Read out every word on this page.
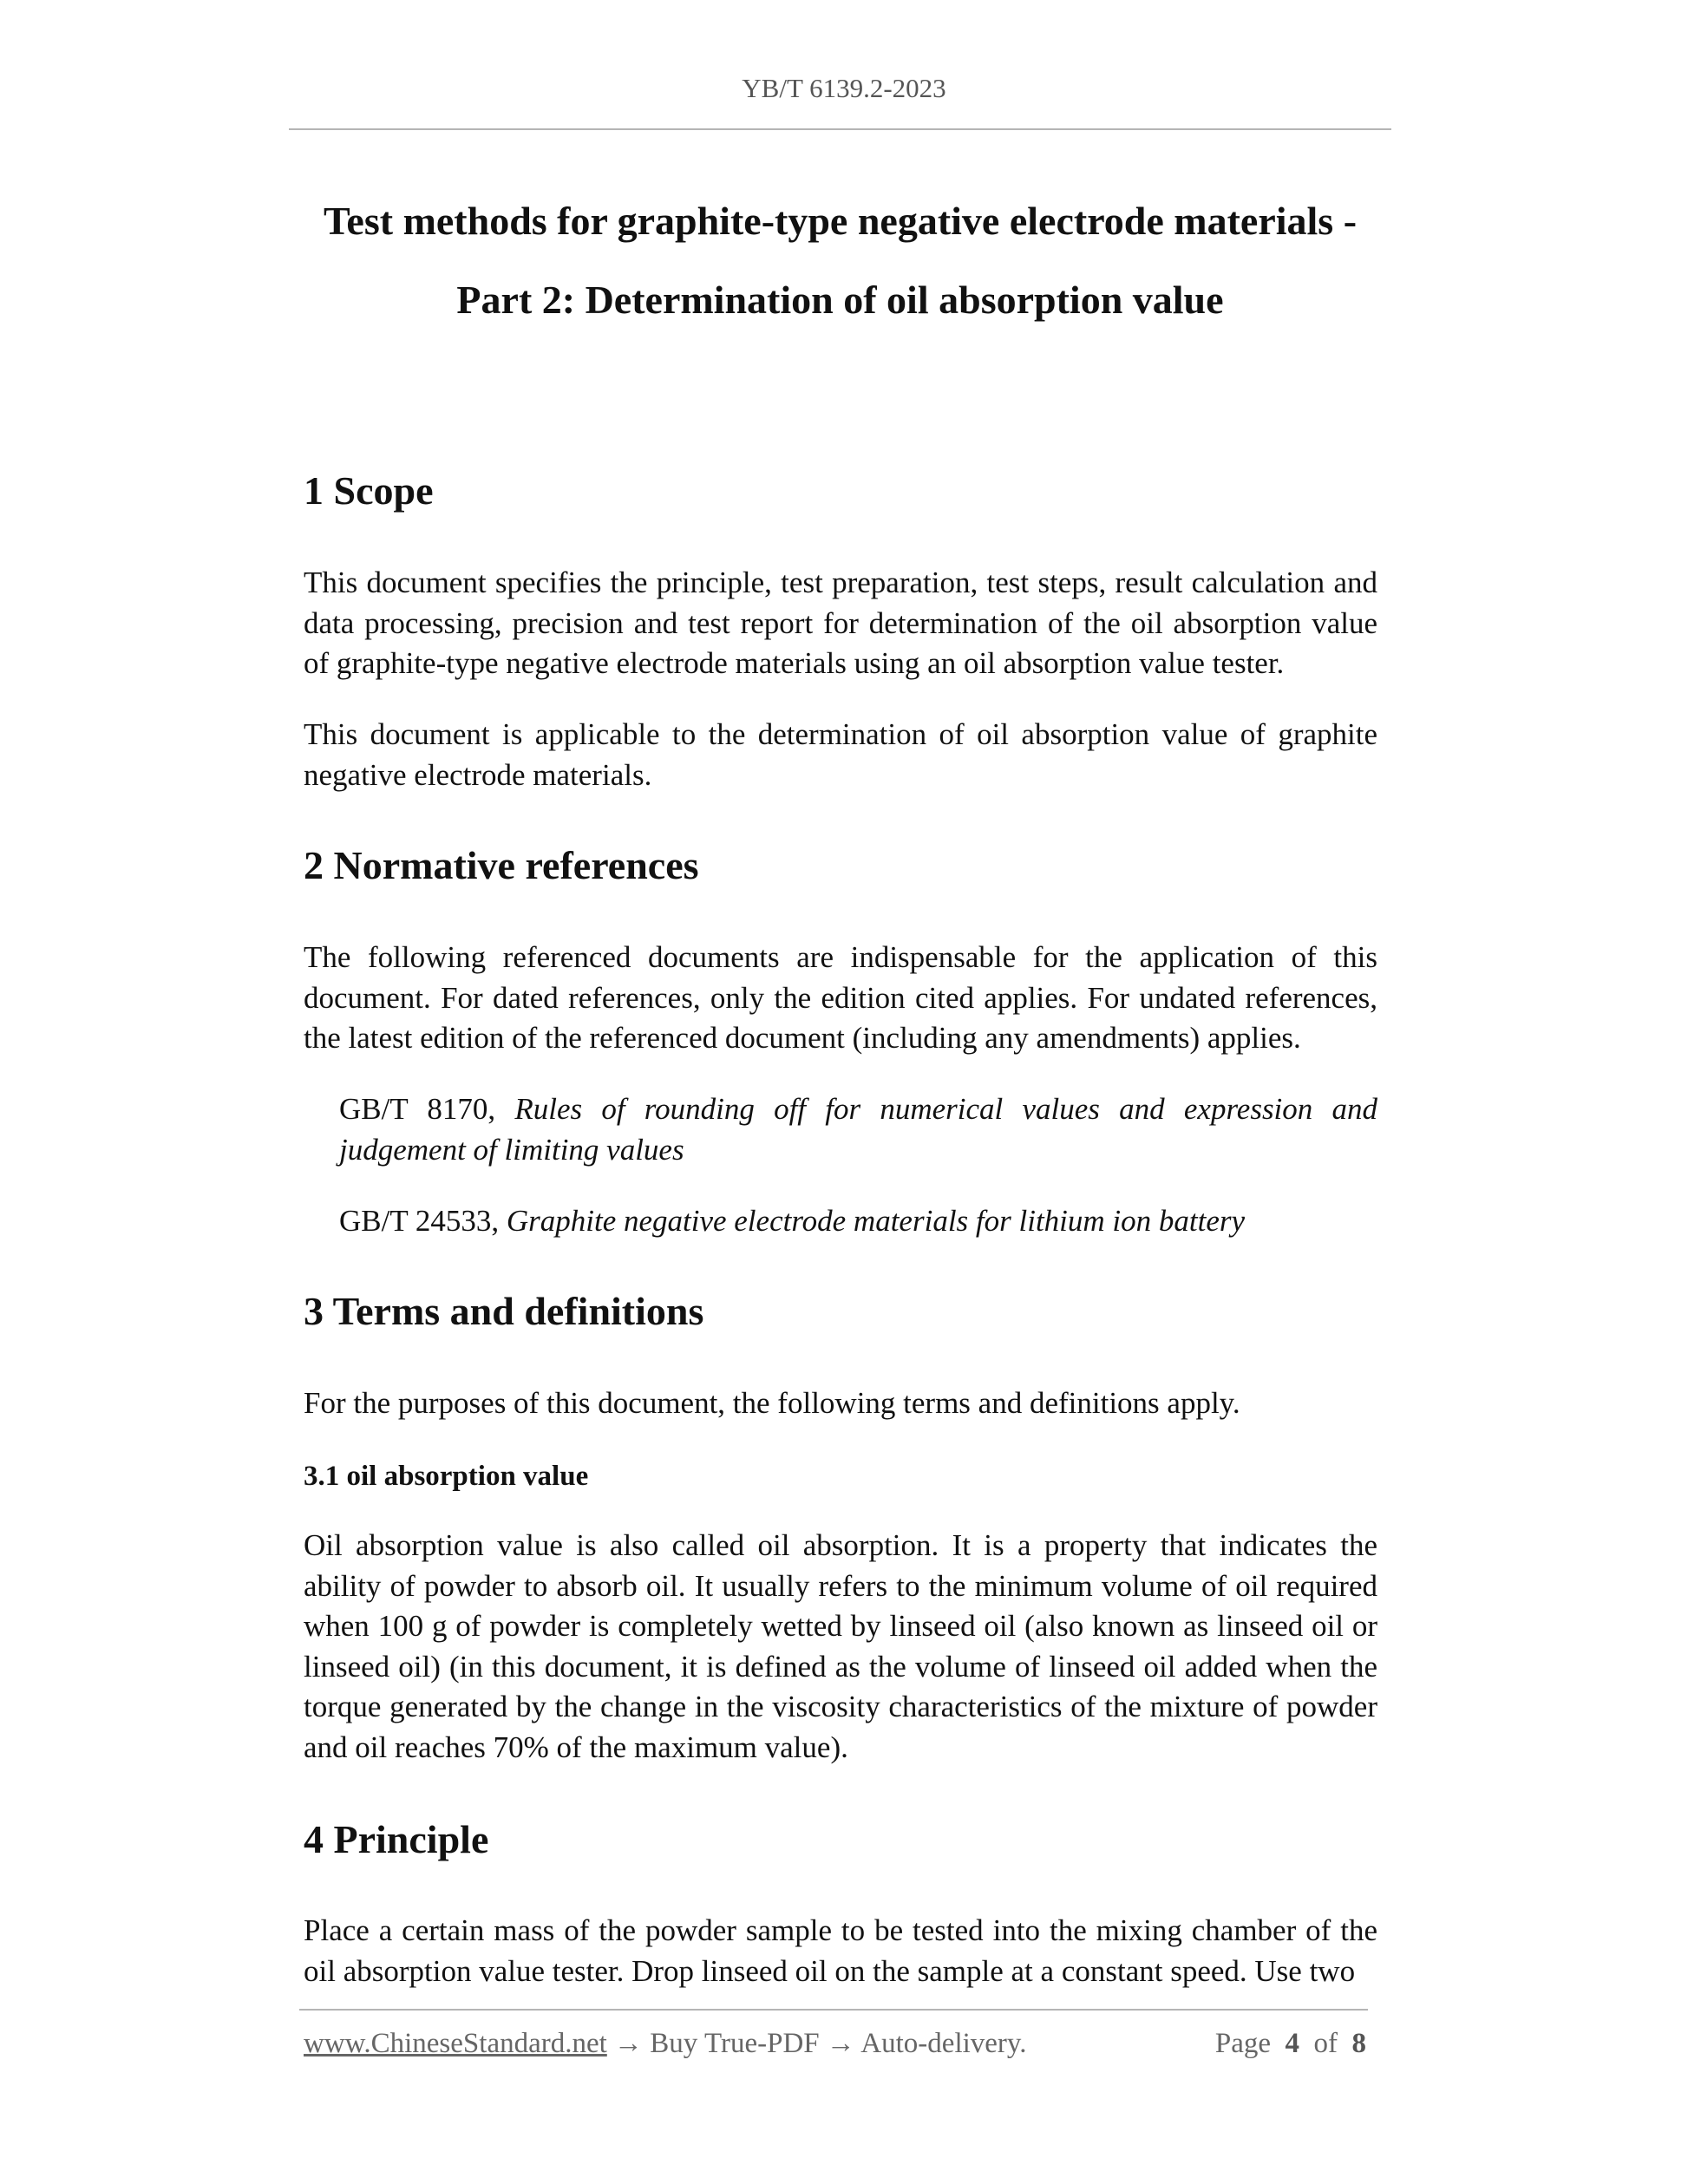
YB/T 6139.2-2023
Test methods for graphite-type negative electrode materials -
Part 2: Determination of oil absorption value
1 Scope
This document specifies the principle, test preparation, test steps, result calculation and data processing, precision and test report for determination of the oil absorption value of graphite-type negative electrode materials using an oil absorption value tester.
This document is applicable to the determination of oil absorption value of graphite negative electrode materials.
2 Normative references
The following referenced documents are indispensable for the application of this document. For dated references, only the edition cited applies. For undated references, the latest edition of the referenced document (including any amendments) applies.
GB/T 8170, Rules of rounding off for numerical values and expression and judgement of limiting values
GB/T 24533, Graphite negative electrode materials for lithium ion battery
3 Terms and definitions
For the purposes of this document, the following terms and definitions apply.
3.1 oil absorption value
Oil absorption value is also called oil absorption. It is a property that indicates the ability of powder to absorb oil. It usually refers to the minimum volume of oil required when 100 g of powder is completely wetted by linseed oil (also known as linseed oil or linseed oil) (in this document, it is defined as the volume of linseed oil added when the torque generated by the change in the viscosity characteristics of the mixture of powder and oil reaches 70% of the maximum value).
4 Principle
Place a certain mass of the powder sample to be tested into the mixing chamber of the oil absorption value tester. Drop linseed oil on the sample at a constant speed. Use two
www.ChineseStandard.net → Buy True-PDF → Auto-delivery.	Page 4 of 8
